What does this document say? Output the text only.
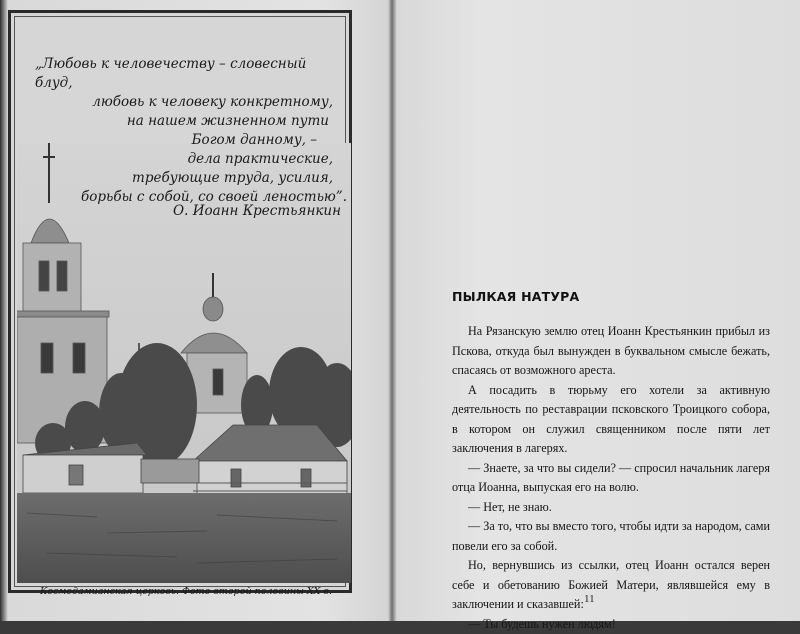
„Любовь к человечеству – словесный блуд,
любовь к человеку конкретному,
на нашем жизненном пути
Богом данному, –
дела практические,
требующие труда, усилия,
борьбы с собой, со своей леностью”.
О. Иоанн Крестьянкин
Космодамианская церковь. Фото второй половины XX в.

ПЫЛКАЯ НАТУРА

На Рязанскую землю отец Иоанн Крестьянкин прибыл из Пскова, откуда был вынужден в буквальном смысле бежать, спасаясь от возможного ареста.

А посадить в тюрьму его хотели за активную деятельность по реставрации псковского Троицкого собора, в котором он служил священником после пяти лет заключения в лагерях.

— Знаете, за что вы сидели? — спросил начальник лагеря отца Иоанна, выпуская его на волю.

— Нет, не знаю.

— За то, что вы вместо того, чтобы идти за народом, сами повели его за собой.

Но, вернувшись из ссылки, отец Иоанн остался верен себе и обетованию Божией Матери, являвшейся ему в заключении и сказавшей:

— Ты будешь нужен людям!

11
